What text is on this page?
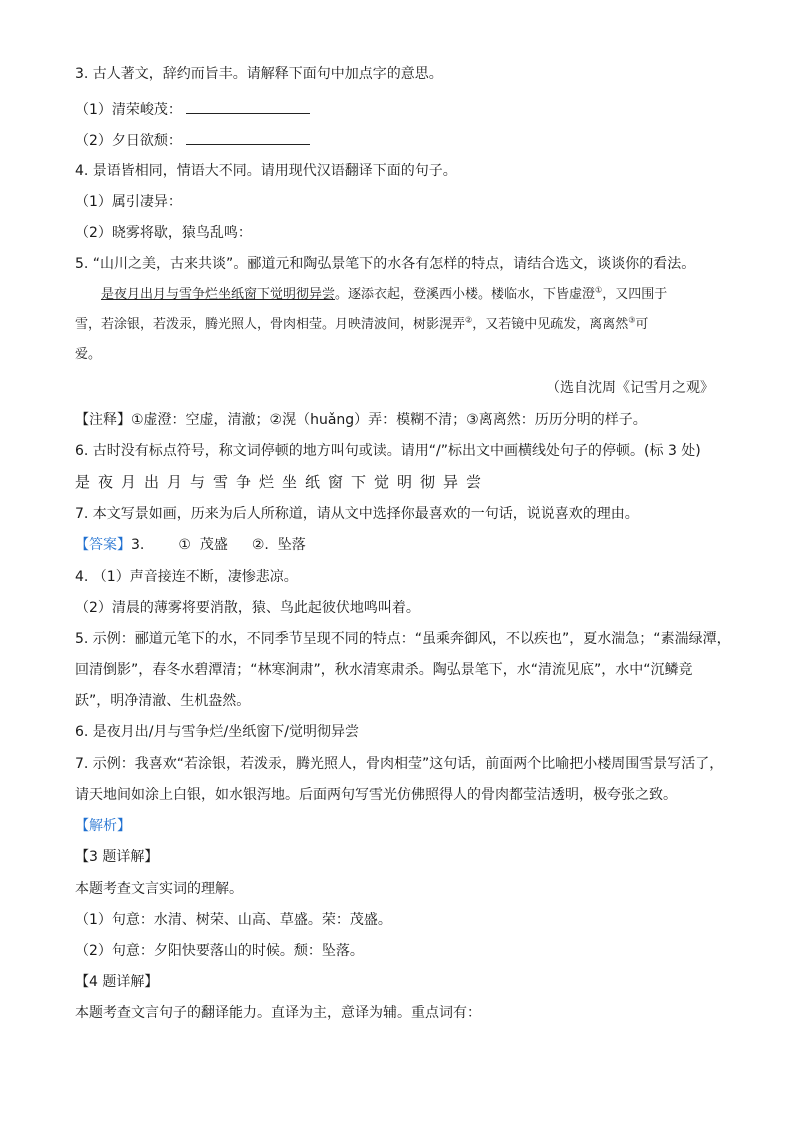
3. 古人著文，辞约而旨丰。请解释下面句中加点字的意思。
（1）清荣峻茂：
（2）夕日欲颓：
4. 景语皆相同，情语大不同。请用现代汉语翻译下面的句子。
（1）属引凄异：
（2）晓雾将歇，猿鸟乱鸣：
5. “山川之美，古来共谈”。郦道元和陶弘景笔下的水各有怎样的特点，请结合选文，谈谈你的看法。
是夜月出月与雪争烂坐纸窗下觉明彻异尝。逐添衣起，登溪西小楼。楼临水，下皆虚澄①，又四围于
雪，若涂银，若泼汞，腾光照人，骨肉相莹。月映清波间，树影滉弄②，又若镜中见疏发，离离然③可
爱。
（选自沈周《记雪月之观》
【注释】①虚澄：空虚，清澈；②滉（huǎng）弄：模糊不清；③离离然：历历分明的样子。
6. 古时没有标点符号，称文词停顿的地方叫句或读。请用“/”标出文中画横线处句子的停顿。(标 3 处)
是夜月出月与雪争烂坐纸窗下觉明彻异尝
7. 本文写景如画，历来为后人所称道，请从文中选择你最喜欢的一句话，说说喜欢的理由。
【答案】3. ① 茂盛 ②. 坠落
4. （1）声音接连不断，凄惨悲凉。
（2）清晨的薄雾将要消散，猿、鸟此起彼伏地鸣叫着。
5. 示例：郦道元笔下的水，不同季节呈现不同的特点：“虽乘奔御风，不以疾也”，夏水湍急；“素湍绿潭，
回清倒影”，春冬水碧潭清；“林寒涧肃”，秋水清寒肃杀。陶弘景笔下，水“清流见底”，水中“沉鳞竞
跃”，明净清澈、生机盎然。
6. 是夜月出/月与雪争烂/坐纸窗下/觉明彻异尝
7. 示例：我喜欢“若涂银，若泼汞，腾光照人，骨肉相莹”这句话，前面两个比喻把小楼周围雪景写活了，
请天地间如涂上白银，如水银泻地。后面两句写雪光仿佛照得人的骨肉都莹洁透明，极夸张之致。
【解析】
【3 题详解】
本题考查文言实词的理解。
（1）句意：水清、树荣、山高、草盛。荣：茂盛。
（2）句意：夕阳快要落山的时候。颓：坠落。
【4 题详解】
本题考查文言句子的翻译能力。直译为主，意译为辅。重点词有：
